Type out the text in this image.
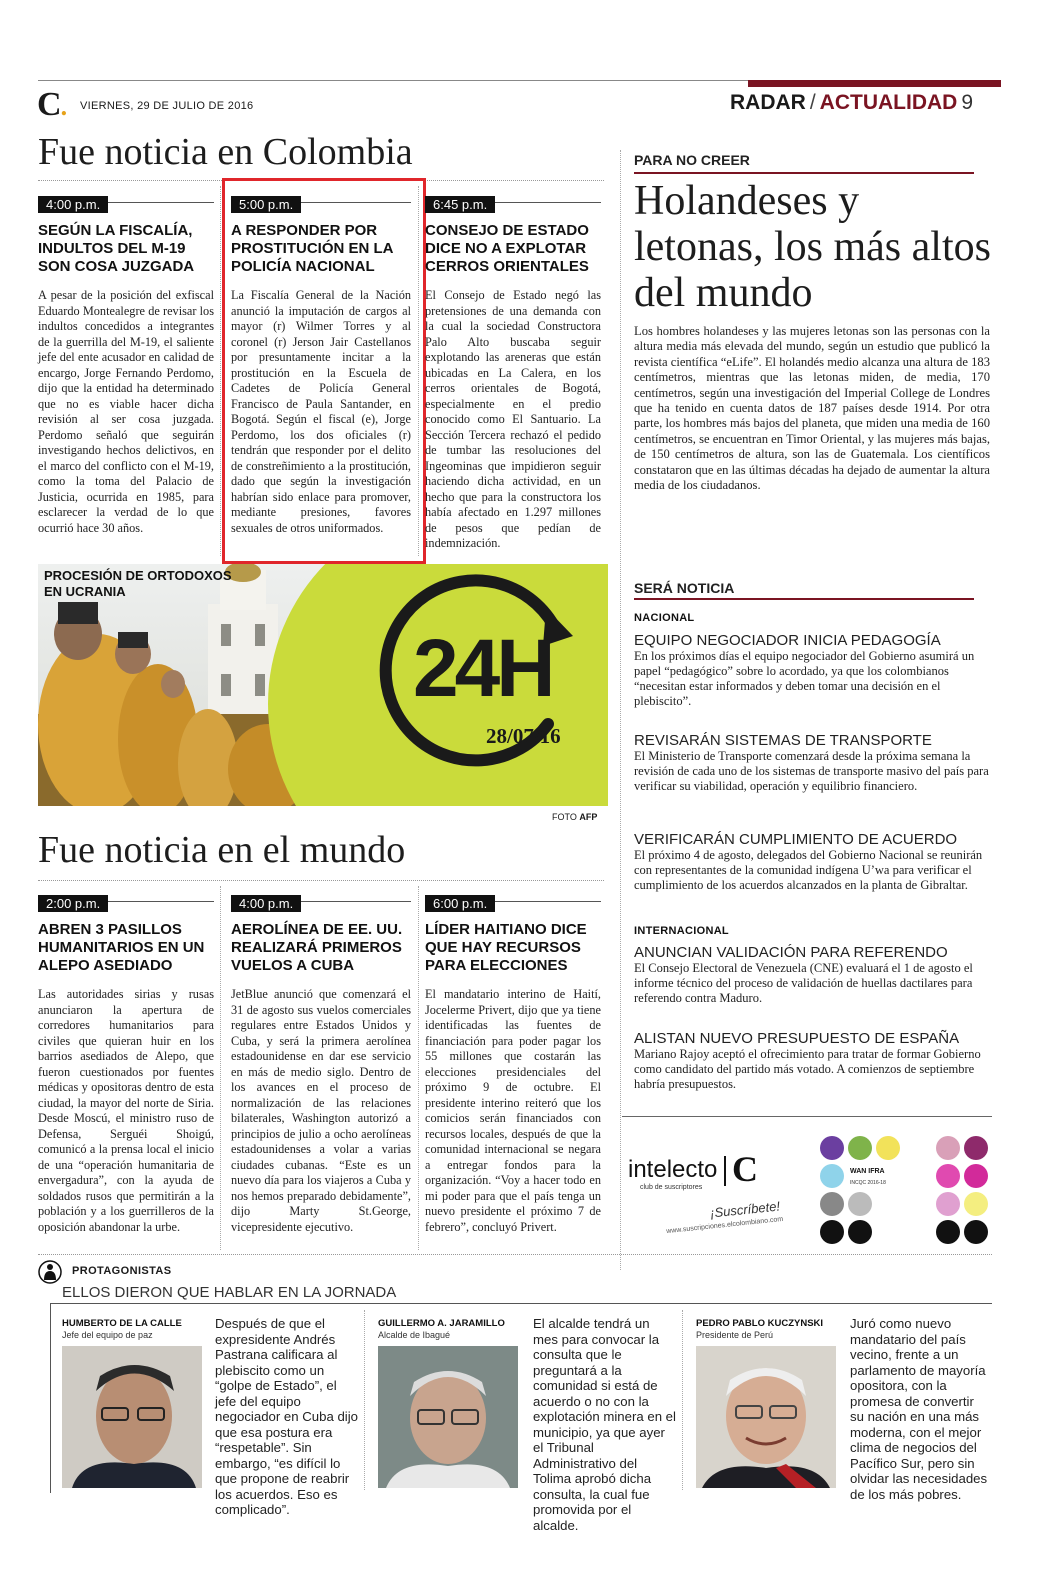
C. VIERNES, 29 DE JULIO DE 2016	RADAR / ACTUALIDAD 9
Fue noticia en Colombia
4:00 p.m.
SEGÚN LA FISCALÍA, INDULTOS DEL M-19 SON COSA JUZGADA
A pesar de la posición del exfiscal Eduardo Montealegre de revisar los indultos concedidos a integrantes de la guerrilla del M-19, el saliente jefe del ente acusador en calidad de encargo, Jorge Fernando Perdomo, dijo que la entidad ha determinado que no es viable hacer dicha revisión al ser cosa juzgada. Perdomo señaló que seguirán investigando hechos delictivos, en el marco del conflicto con el M-19, como la toma del Palacio de Justicia, ocurrida en 1985, para esclarecer la verdad de lo que ocurrió hace 30 años.
5:00 p.m.
A RESPONDER POR PROSTITUCIÓN EN LA POLICÍA NACIONAL
La Fiscalía General de la Nación anunció la imputación de cargos al mayor (r) Wilmer Torres y al coronel (r) Jerson Jair Castellanos por presuntamente incitar a la prostitución en la Escuela de Cadetes de Policía General Francisco de Paula Santander, en Bogotá. Según el fiscal (e), Jorge Perdomo, los dos oficiales (r) tendrán que responder por el delito de constreñimiento a la prostitución, dado que según la investigación habrían sido enlace para promover, mediante presiones, favores sexuales de otros uniformados.
6:45 p.m.
CONSEJO DE ESTADO DICE NO A EXPLOTAR CERROS ORIENTALES
El Consejo de Estado negó las pretensiones de una demanda con la cual la sociedad Constructora Palo Alto buscaba seguir explotando las areneras que están ubicadas en La Calera, en los cerros orientales de Bogotá, especialmente en el predio conocido como El Santuario. La Sección Tercera rechazó el pedido de tumbar las resoluciones del Ingeominas que impidieron seguir haciendo dicha actividad, en un hecho que para la constructora los había afectado en 1.297 millones de pesos que pedían de indemnización.
PARA NO CREER
Holandeses y letonas, los más altos del mundo
Los hombres holandeses y las mujeres letonas son las personas con la altura media más elevada del mundo, según un estudio que publicó la revista científica “eLife”. El holandés medio alcanza una altura de 183 centímetros, mientras que las letonas miden, de media, 170 centímetros, según una investigación del Imperial College de Londres que ha tenido en cuenta datos de 187 países desde 1914. Por otra parte, los hombres más bajos del planeta, que miden una media de 160 centímetros, se encuentran en Timor Oriental, y las mujeres más bajas, de 150 centímetros de altura, son las de Guatemala. Los científicos constataron que en las últimas décadas ha dejado de aumentar la altura media de los ciudadanos.
PROCESIÓN DE ORTODOXOS EN UCRANIA
24H
28/07/16
FOTO AFP
SERÁ NOTICIA
NACIONAL
EQUIPO NEGOCIADOR INICIA PEDAGOGÍA
En los próximos días el equipo negociador del Gobierno asumirá un papel “pedagógico” sobre lo acordado, ya que los colombianos “necesitan estar informados y deben tomar una decisión en el plebiscito”.
REVISARÁN SISTEMAS DE TRANSPORTE
El Ministerio de Transporte comenzará desde la próxima semana la revisión de cada uno de los sistemas de transporte masivo del país para verificar su viabilidad, operación y equilibrio financiero.
VERIFICARÁN CUMPLIMIENTO DE ACUERDO
El próximo 4 de agosto, delegados del Gobierno Nacional se reunirán con representantes de la comunidad indígena U’wa para verificar el cumplimiento de los acuerdos alcanzados en la planta de Gibraltar.
INTERNACIONAL
ANUNCIAN VALIDACIÓN PARA REFERENDO
El Consejo Electoral de Venezuela (CNE) evaluará el 1 de agosto el informe técnico del proceso de validación de huellas dactilares para referendo contra Maduro.
ALISTAN NUEVO PRESUPUESTO DE ESPAÑA
Mariano Rajoy aceptó el ofrecimiento para tratar de formar Gobierno como candidato del partido más votado. A comienzos de septiembre habría presupuestos.
intelecto C
club de suscriptores
¡Suscríbete!
www.suscripciones.elcolombiano.com
WAN IFRA
INCQC 2016-18
Fue noticia en el mundo
2:00 p.m.
ABREN 3 PASILLOS HUMANITARIOS EN UN ALEPO ASEDIADO
Las autoridades sirias y rusas anunciaron la apertura de corredores humanitarios para civiles que quieran huir en los barrios asediados de Alepo, que fueron cuestionados por fuentes médicas y opositoras dentro de esta ciudad, la mayor del norte de Siria. Desde Moscú, el ministro ruso de Defensa, Serguéi Shoigú, comunicó a la prensa local el inicio de una “operación humanitaria de envergadura”, con la ayuda de soldados rusos que permitirán a la población y a los guerrilleros de la oposición abandonar la urbe.
4:00 p.m.
AEROLÍNEA DE EE. UU. REALIZARÁ PRIMEROS VUELOS A CUBA
JetBlue anunció que comenzará el 31 de agosto sus vuelos comerciales regulares entre Estados Unidos y Cuba, y será la primera aerolínea estadounidense en dar ese servicio en más de medio siglo. Dentro de los avances en el proceso de normalización de las relaciones bilaterales, Washington autorizó a principios de julio a ocho aerolíneas estadounidenses a volar a varias ciudades cubanas. “Este es un nuevo día para los viajeros a Cuba y nos hemos preparado debidamente”, dijo Marty St.George, vicepresidente ejecutivo.
6:00 p.m.
LÍDER HAITIANO DICE QUE HAY RECURSOS PARA ELECCIONES
El mandatario interino de Haití, Jocelerme Privert, dijo que ya tiene identificadas las fuentes de financiación para poder pagar los 55 millones que costarán las elecciones presidenciales del próximo 9 de octubre. El presidente interino reiteró que los comicios serán financiados con recursos locales, después de que la comunidad internacional se negara a entregar fondos para la organización. “Voy a hacer todo en mi poder para que el país tenga un nuevo presidente el próximo 7 de febrero”, concluyó Privert.
PROTAGONISTAS
ELLOS DIERON QUE HABLAR EN LA JORNADA
HUMBERTO DE LA CALLE
Jefe del equipo de paz
Después de que el expresidente Andrés Pastrana calificara al plebiscito como un “golpe de Estado”, el jefe del equipo negociador en Cuba dijo que esa postura era “respetable”. Sin embargo, “es difícil lo que propone de reabrir los acuerdos. Eso es complicado”.
GUILLERMO A. JARAMILLO
Alcalde de Ibagué
El alcalde tendrá un mes para convocar la consulta que le preguntará a la comunidad si está de acuerdo o no con la explotación minera en el municipio, ya que ayer el Tribunal Administrativo del Tolima aprobó dicha consulta, la cual fue promovida por el alcalde.
PEDRO PABLO KUCZYNSKI
Presidente de Perú
Juró como nuevo mandatario del país vecino, frente a un parlamento de mayoría opositora, con la promesa de convertir su nación en una más moderna, con el mejor clima de negocios del Pacífico Sur, pero sin olvidar las necesidades de los más pobres.
